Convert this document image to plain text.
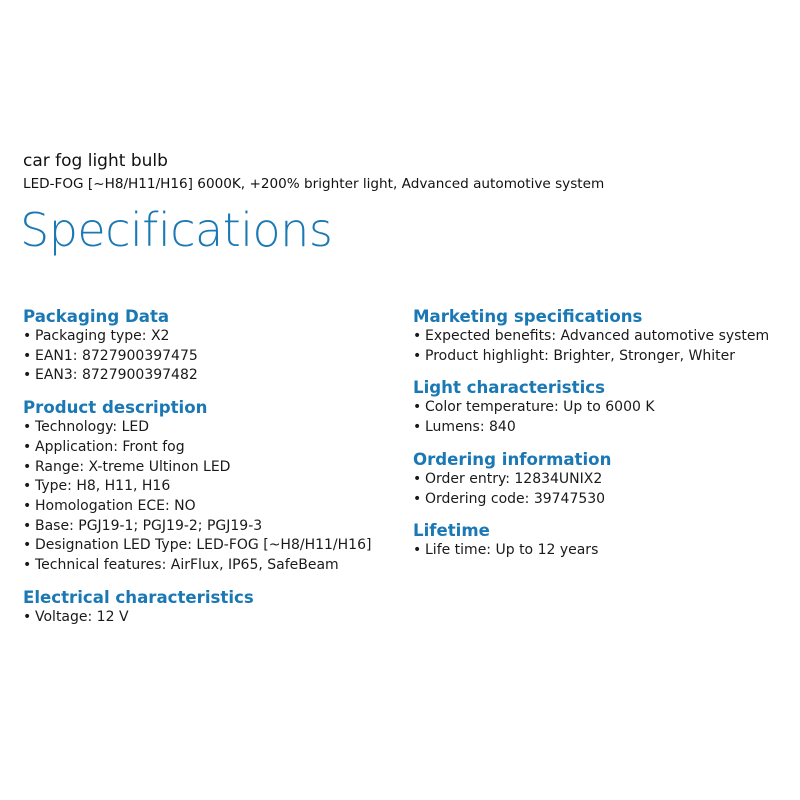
car fog light bulb
LED-FOG [~H8/H11/H16] 6000K, +200% brighter light, Advanced automotive system
Specifications
Packaging Data
• Packaging type: X2
• EAN1: 8727900397475
• EAN3: 8727900397482
Product description
• Technology: LED
• Application: Front fog
• Range: X-treme Ultinon LED
• Type: H8, H11, H16
• Homologation ECE: NO
• Base: PGJ19-1; PGJ19-2; PGJ19-3
• Designation LED Type: LED-FOG [~H8/H11/H16]
• Technical features: AirFlux, IP65, SafeBeam
Electrical characteristics
• Voltage: 12 V
Marketing specifications
• Expected benefits: Advanced automotive system
• Product highlight: Brighter, Stronger, Whiter
Light characteristics
• Color temperature: Up to 6000 K
• Lumens: 840
Ordering information
• Order entry: 12834UNIX2
• Ordering code: 39747530
Lifetime
• Life time: Up to 12 years
